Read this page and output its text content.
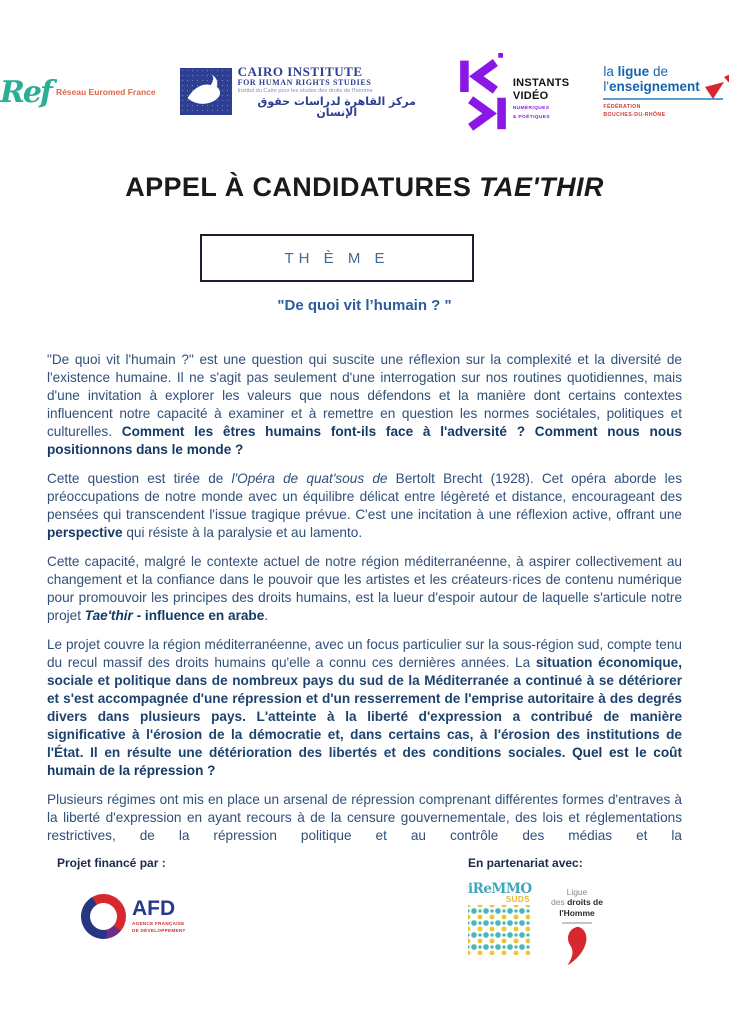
Ref Réseau Euromed France
CAIRO INSTITUTE
FOR HUMAN RIGHTS STUDIES
Institut du Caire pour les etudes des droits de l'homme
مركز القاهرة لدراسات حقوق الإنسان
INSTANTS
VIDÉO
NUMÉRIQUES
& POÉTIQUES
la ligue de
l'enseignement
FÉDÉRATION
BOUCHES-DU-RHÔNE
APPEL À CANDIDATURES TAE'THIR
TH È M E
"De quoi vit l’humain ? "

"De quoi vit l'humain ?" est une question qui suscite une réflexion sur la complexité et la diversité de l'existence humaine. Il ne s'agit pas seulement d'une interrogation sur nos routines quotidiennes, mais d'une invitation à explorer les valeurs que nous défendons et la manière dont certains contextes influencent notre capacité à examiner et à remettre en question les normes sociétales, politiques et culturelles. Comment les êtres humains font-ils face à l'adversité ? Comment nous nous positionnons dans le monde ?

Cette question est tirée de l'Opéra de quat'sous de Bertolt Brecht (1928). Cet opéra aborde les préoccupations de notre monde avec un équilibre délicat entre légèreté et distance, encourageant des pensées qui transcendent l'issue tragique prévue. C'est une incitation à une réflexion active, offrant une perspective qui résiste à la paralysie et au lamento.

Cette capacité, malgré le contexte actuel de notre région méditerranéenne, à aspirer collectivement au changement et la confiance dans le pouvoir que les artistes et les créateurs·rices de contenu numérique pour promouvoir les principes des droits humains, est la lueur d'espoir autour de laquelle s'articule notre projet Tae'thir - influence en arabe.

Le projet couvre la région méditerranéenne, avec un focus particulier sur la sous-région sud, compte tenu du recul massif des droits humains qu'elle a connu ces dernières années. La situation économique, sociale et politique dans de nombreux pays du sud de la Méditerranée a continué à se détériorer et s'est accompagnée d'une répression et d'un resserrement de l'emprise autoritaire à des degrés divers dans plusieurs pays. L'atteinte à la liberté d'expression a contribué de manière significative à l'érosion de la démocratie et, dans certains cas, à l'érosion des institutions de l'État. Il en résulte une détérioration des libertés et des conditions sociales. Quel est le coût humain de la répression ?

Plusieurs régimes ont mis en place un arsenal de répression comprenant différentes formes d'entraves à la liberté d'expression en ayant recours à de la censure gouvernementale, des lois et réglementations restrictives, de la répression politique et au contrôle des médias et la

Projet financé par :
AFD
AGENCE FRANÇAISE
DE DÉVELOPPEMENT
En partenariat avec:
iReMMO
SUDS
Ligue
des droits de
l'Homme
